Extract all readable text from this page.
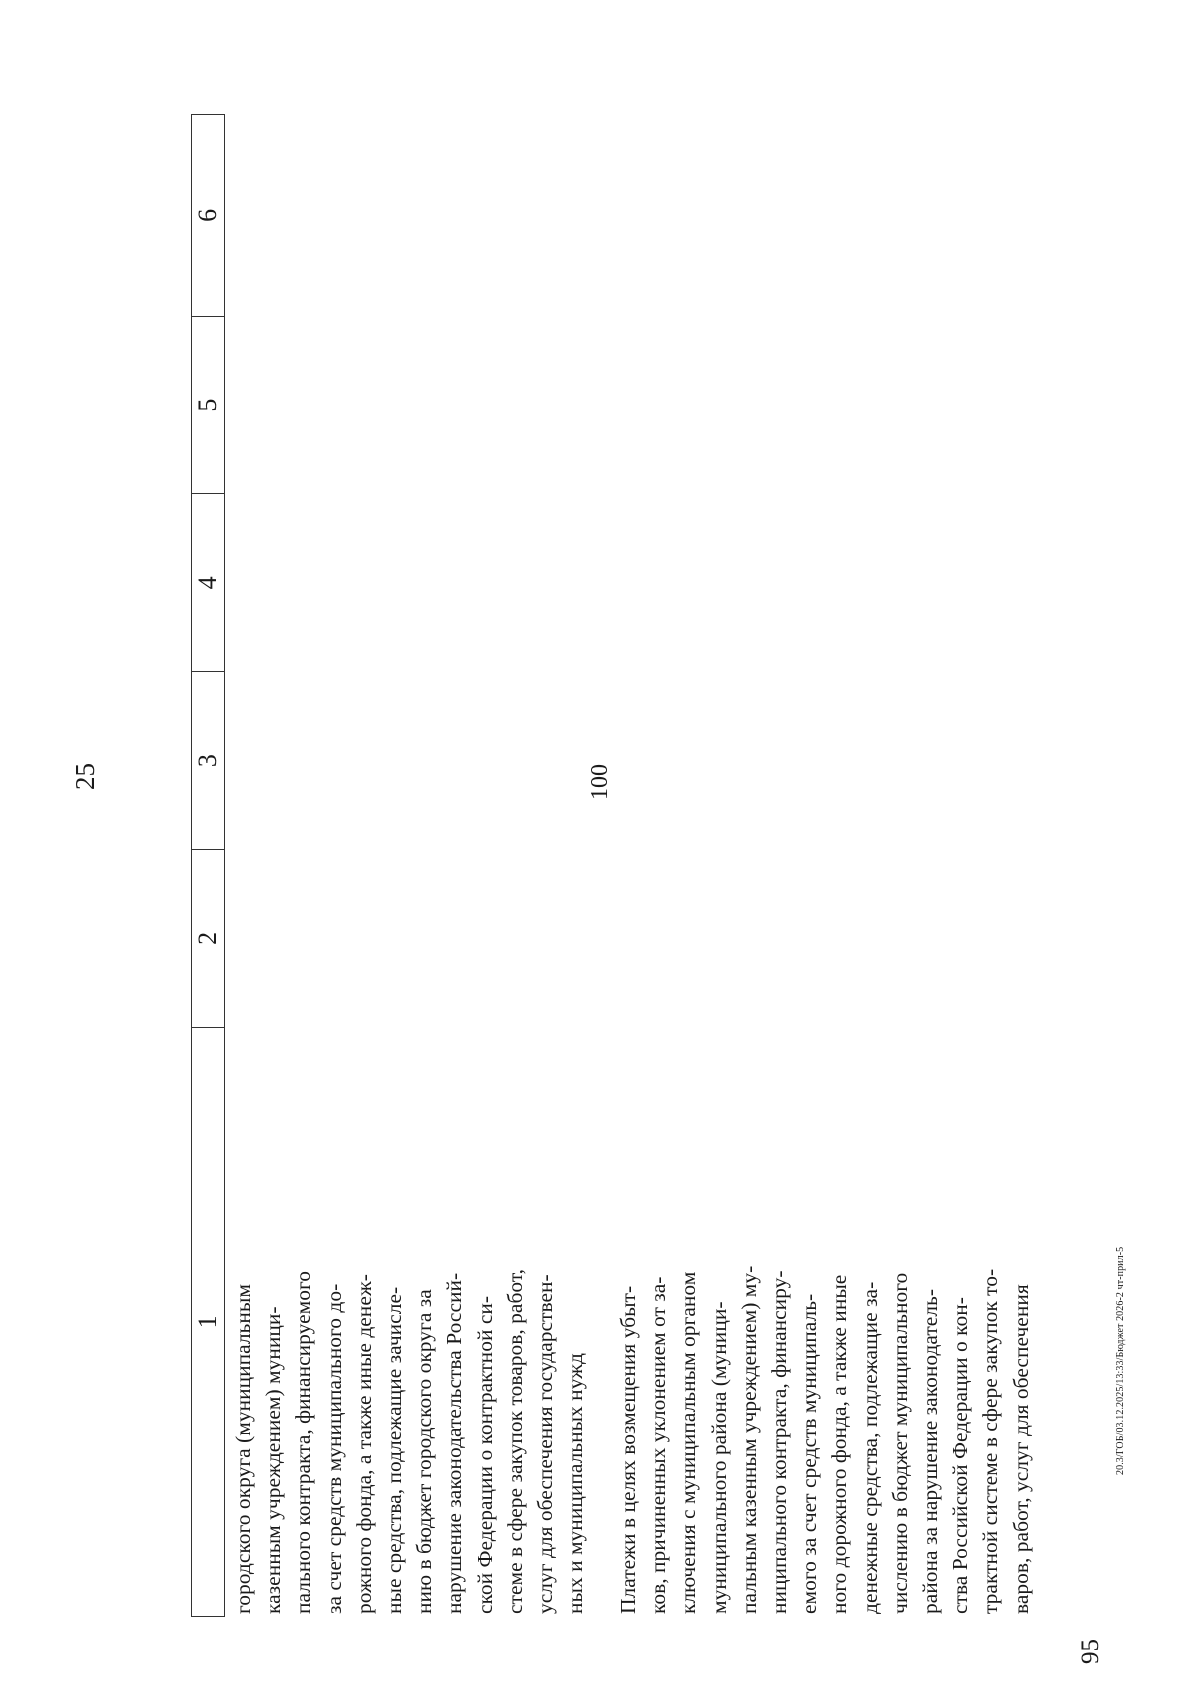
25
1
2
3
4
5
6

городского округа (муниципальным казенным учреждением) муници- пального контракта, финансируемого за счет средств муниципального до- рожного фонда, а также иные денеж- ные средства, подлежащие зачисле- нию в бюджет городского округа за нарушение законодательства Россий- ской Федерации о контрактной си- стеме в сфере закупок товаров, работ, услуг для обеспечения государствен- ных и муниципальных нужд

100

Платежи в целях возмещения убыт- ков, причиненных уклонением от за- ключения с муниципальным органом муниципального района (муници- пальным казенным учреждением) му- ниципального контракта, финансиру- емого за счет средств муниципаль- ного дорожного фонда, а также иные денежные средства, подлежащие за- числению в бюджет муниципального района за нарушение законодатель- ства Российской Федерации о кон- трактной системе в сфере закупок то- варов, работ, услуг для обеспечения

95
20.3/ГОБ/03.12.2025/13:33/Бюджет 2026-2 чт-прил-5
